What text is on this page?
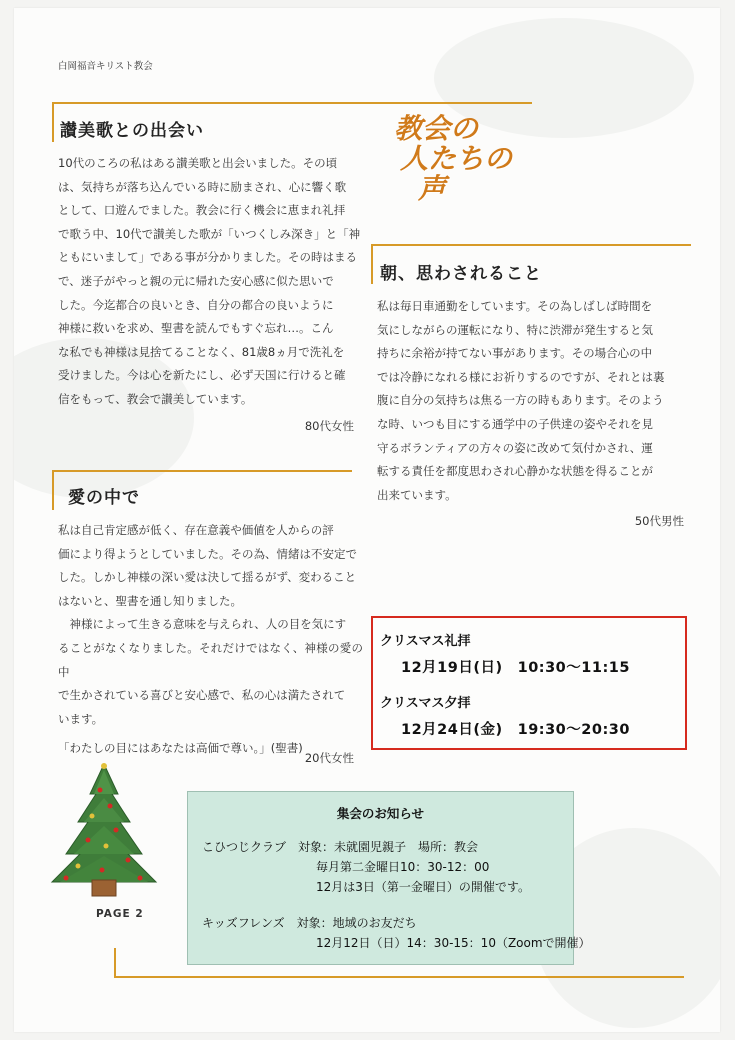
白岡福音キリスト教会
讃美歌との出会い

10代のころの私はある讃美歌と出会いました。その頃

は、気持ちが落ち込んでいる時に励まされ、心に響く歌

として、口遊んでました。教会に行く機会に恵まれ礼拝

で歌う中、10代で讃美した歌が「いつくしみ深き」と「神

ともにいまして」である事が分かりました。その時はまる

で、迷子がやっと親の元に帰れた安心感に似た思いで

した。今迄都合の良いとき、自分の都合の良いように

神様に救いを求め、聖書を読んでもすぐ忘れ…。こん

な私でも神様は見捨てることなく、81歳8ヵ月で洗礼を

受けました。今は心を新たにし、必ず天国に行けると確

信をもって、教会で讃美しています。

80代女性
教会の
人たちの
声
愛の中で

私は自己肯定感が低く、存在意義や価値を人からの評

価により得ようとしていました。その為、情緒は不安定で

した。しかし神様の深い愛は決して揺るがず、変わること

はないと、聖書を通し知りました。

　神様によって生きる意味を与えられ、人の目を気にす

ることがなくなりました。それだけではなく、神様の愛の中

で生かされている喜びと安心感で、私の心は満たされて

います。

「わたしの目にはあなたは高価で尊い。」(聖書)

20代女性
朝、思わされること

私は毎日車通勤をしています。その為しばしば時間を

気にしながらの運転になり、特に渋滞が発生すると気

持ちに余裕が持てない事があります。その場合心の中

では冷静になれる様にお祈りするのですが、それとは裏

腹に自分の気持ちは焦る一方の時もあります。そのよう

な時、いつも目にする通学中の子供達の姿やそれを見

守るボランティアの方々の姿に改めて気付かされ、運

転する責任を都度思わされ心静かな状態を得ることが

出来ています。

50代男性
クリスマス礼拝
12月19日(日)　10:30～11:15
クリスマス夕拝
12月24日(金)　19:30～20:30
PAGE 2
集会のお知らせ
こひつじクラブ　対象：未就園児親子　場所：教会
毎月第二金曜日10：30-12：00
12月は3日（第一金曜日）の開催です。
キッズフレンズ　対象：地域のお友だち
12月12日（日）14：30-15：10（Zoomで開催）
